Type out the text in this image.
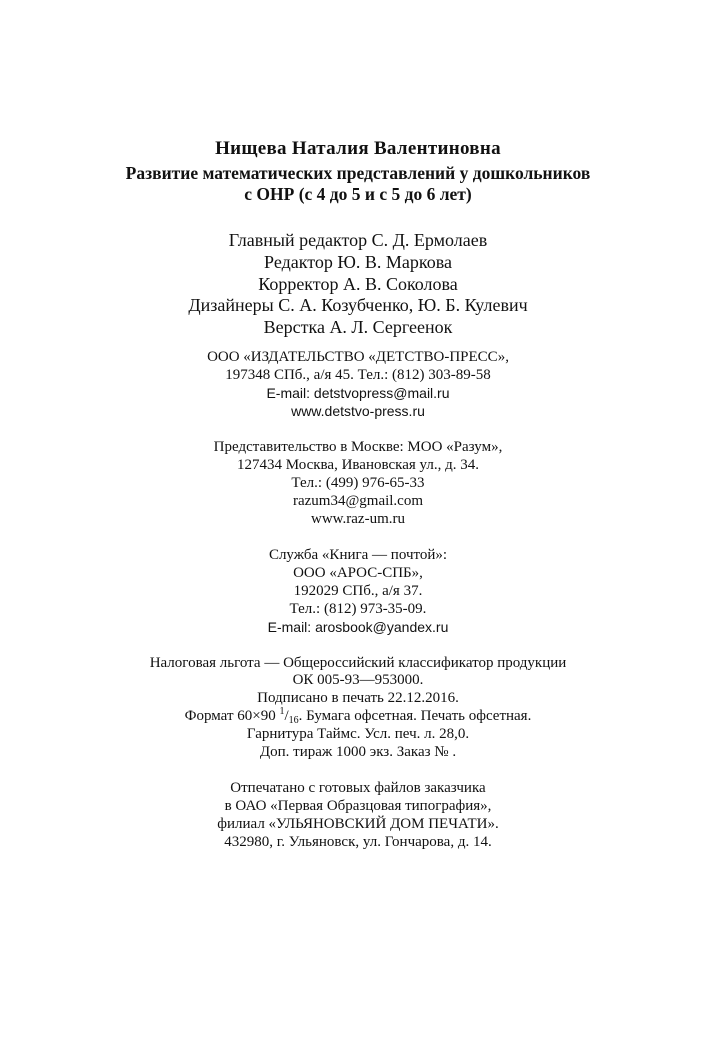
Нищева Наталия Валентиновна
Развитие математических представлений у дошкольников
с ОНР (с 4 до 5 и с 5 до 6 лет)
Главный редактор С. Д. Ермолаев
Редактор Ю. В. Маркова
Корректор А. В. Соколова
Дизайнеры С. А. Козубченко, Ю. Б. Кулевич
Верстка А. Л. Сергеенок
ООО «ИЗДАТЕЛЬСТВО «ДЕТСТВО-ПРЕСС»,
197348 СПб., а/я 45. Тел.: (812) 303-89-58
E-mail: detstvopress@mail.ru
www.detstvo-press.ru
Представительство в Москве: МОО «Разум»,
127434 Москва, Ивановская ул., д. 34.
Тел.: (499) 976-65-33
razum34@gmail.com
www.raz-um.ru
Служба «Книга — почтой»:
ООО «АРОС-СПБ»,
192029 СПб., а/я 37.
Тел.: (812) 973-35-09.
E-mail: arosbook@yandex.ru
Налоговая льгота — Общероссийский классификатор продукции
ОК 005-93—953000.
Подписано в печать 22.12.2016.
Формат 60×90 $^1/_{16}$. Бумага офсетная. Печать офсетная.
Гарнитура Таймс. Усл. печ. л. 28,0.
Доп. тираж 1000 экз. Заказ № .
Отпечатано с готовых файлов заказчика
в ОАО «Первая Образцовая типография»,
филиал «УЛЬЯНОВСКИЙ ДОМ ПЕЧАТИ».
432980, г. Ульяновск, ул. Гончарова, д. 14.
